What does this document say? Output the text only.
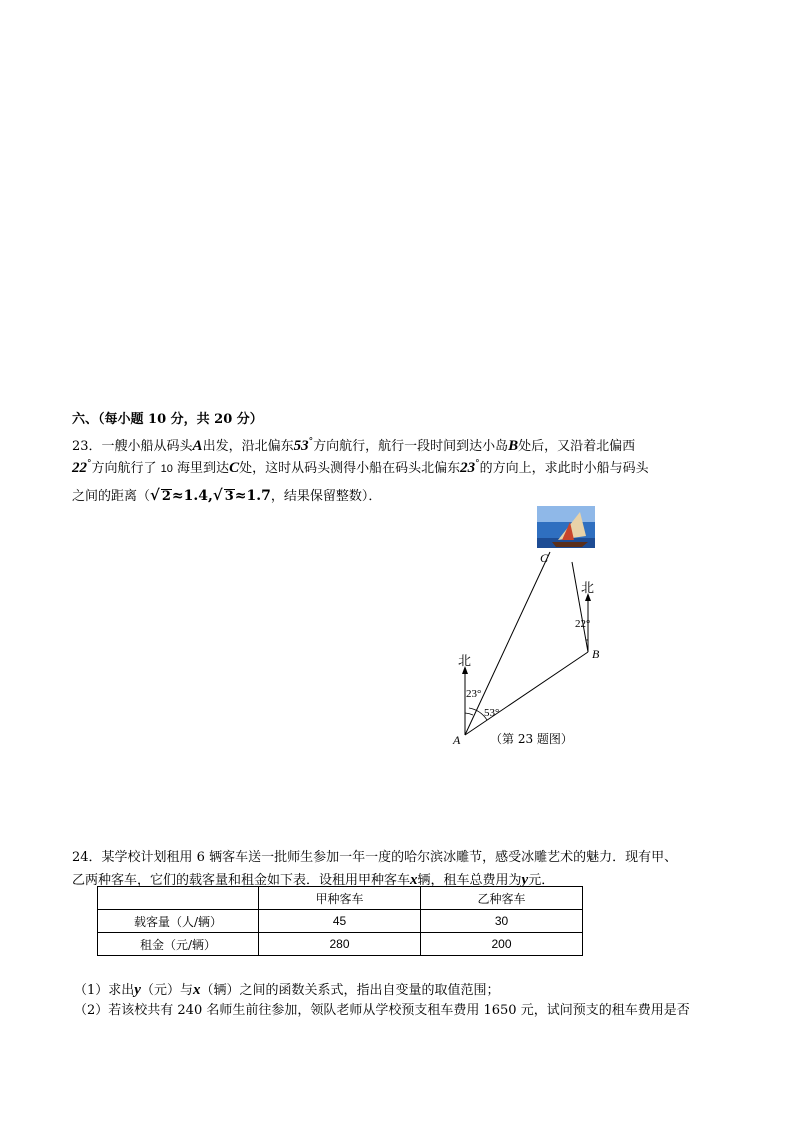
六、（每小题 10 分，共 20 分）
23．一艘小船从码头A出发，沿北偏东53°方向航行，航行一段时间到达小岛B处后，又沿着北偏西
22°方向航行了 10 海里到达C处，这时从码头测得小船在码头北偏东23°的方向上，求此时小船与码头
之间的距离（√ 2≈1.4,√ 3≈1.7，结果保留整数）．
北
北
A
B
C
23°
53°
22°
（第 23 题图）
24．某学校计划租用 6 辆客车送一批师生参加一年一度的哈尔滨冰雕节，感受冰雕艺术的魅力．现有甲、
乙两种客车，它们的载客量和租金如下表．设租用甲种客车x辆，租车总费用为y元．
	甲种客车	乙种客车
载客量（人/辆）	45	30
租金（元/辆）	280	200
（1）求出y（元）与x（辆）之间的函数关系式，指出自变量的取值范围；
（2）若该校共有 240 名师生前往参加，领队老师从学校预支租车费用 1650 元，试问预支的租车费用是否
